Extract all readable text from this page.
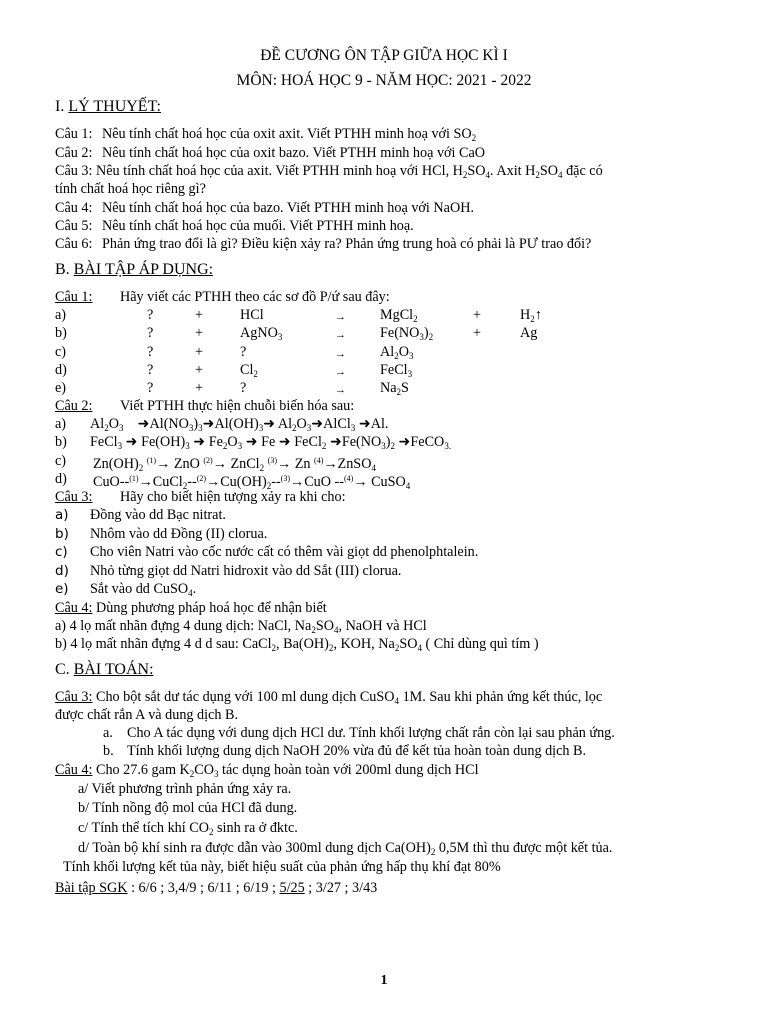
ĐỀ CƯƠNG ÔN TẬP GIỮA HỌC KÌ I
MÔN: HOÁ HỌC 9 - NĂM HỌC: 2021 - 2022
I. LÝ THUYẾT:
Câu 1: Nêu tính chất hoá học của oxit axit. Viết PTHH minh hoạ với $SO_2$
Câu 2: Nêu tính chất hoá học của oxit bazo. Viết PTHH minh hoạ với CaO
Câu 3: Nêu tính chất hoá học của axit. Viết PTHH minh hoạ với HCl, $H_2SO_4$. Axit $H_2SO_4$ đặc có
tính chất hoá học riêng gì?
Câu 4: Nêu tính chất hoá học của bazo. Viết PTHH minh hoạ với NaOH.
Câu 5: Nêu tính chất hoá học của muối. Viết PTHH minh hoạ.
Câu 6: Phản ứng trao đổi là gì? Điều kiện xảy ra? Phản ứng trung hoà có phải là PƯ trao đổi?
B. BÀI TẬP ÁP DỤNG:
Câu 1: Hãy viết các PTHH theo các sơ đồ P/ứ sau đây:
a)	?	+	HCl	→ MgCl$_2$	+	$H_2↑$
b)	?	+	AgNO$_3$	→ $Fe(NO_3)_2$	+	Ag
c)	?	+	?	→ $Al_2O_3$
d)	?	+	$Cl_2$	→ FeCl$_3$
e)	?	+	?	→ $Na_2S$
Câu 2: Viết PTHH thực hiện chuỗi biến hóa sau:
a) $Al_2O_3$    $➜Al(NO_3)_3➜Al(OH)_3➜$ $Al_2O_3➜AlCl_3$ ➜Al.
b) FeCl$_3$ ➜ $Fe(OH)_3$ ➜ $Fe_2O_3$ ➜ Fe ➜ FeCl$_2$ $➜Fe(NO_3)_2$ ➜FeCO$_{3.}$
c) $Zn(OH)_2$ $^{(1)}$→ ZnO $^{(2)}$→ ZnCl$_2$ $^{(3)}$→ Zn $^{(4)}$→ZnSO$_4$
d) CuO-$-^{(1)}\to CuCl_2--^{(2)}\to Cu(OH)_2--^{(3)}\to CuO$ --$^{(4)}$→ CuSO$_4$
Câu 3: Hãy cho biết hiện tượng xảy ra khi cho:
a) Đồng vào dd Bạc nitrat.
b) Nhôm vào dd Đồng (II) clorua.
c) Cho viên Natri vào cốc nước cất có thêm vài giọt dd phenolphtalein.
d) Nhỏ từng giọt dd Natri hidroxit vào dd Sắt (III) clorua.
e) Sắt vào dd CuSO$_4$.
Câu 4: Dùng phương pháp hoá học để nhận biết
a) 4 lọ mất nhãn đựng 4 dung dịch: NaCl, $Na_2SO_4$, NaOH và HCl
b) 4 lọ mất nhãn đựng 4 d d sau: CaCl$_2$, $Ba(OH)_2$, KOH, $Na_2SO_4$ ( Chỉ dùng quì tím )
C. BÀI TOÁN:
Câu 3: Cho bột sắt dư tác dụng với 100 ml dung dịch CuSO$_4$ 1M. Sau khi phản ứng kết thúc, lọc
được chất rắn A và dung dịch B.
a. Cho A tác dụng với dung dịch HCl dư. Tính khối lượng chất rắn còn lại sau phản ứng.
b. Tính khối lượng dung dịch NaOH 20% vừa đủ để kết tủa hoàn toàn dung dịch B.
Câu 4: Cho 27.6 gam $K_2CO_3$ tác dụng hoàn toàn với 200ml dung dịch HCl
a/ Viết phương trình phản ứng xảy ra.
b/ Tính nồng độ mol của HCl đã dung.
c/ Tính thể tích khí $CO_2$ sinh ra ở đktc.
d/ Toàn bộ khí sinh ra được dẫn vào 300ml dung dịch $Ca(OH)_2$ 0,5M thì thu được một kết tủa.
Tính khối lượng kết tủa này, biết hiệu suất của phản ứng hấp thụ khí đạt 80%
Bài tập SGK : 6/6 ; 3,4/9 ; 6/11 ; 6/19 ; 5/25 ; 3/27 ; 3/43
1
